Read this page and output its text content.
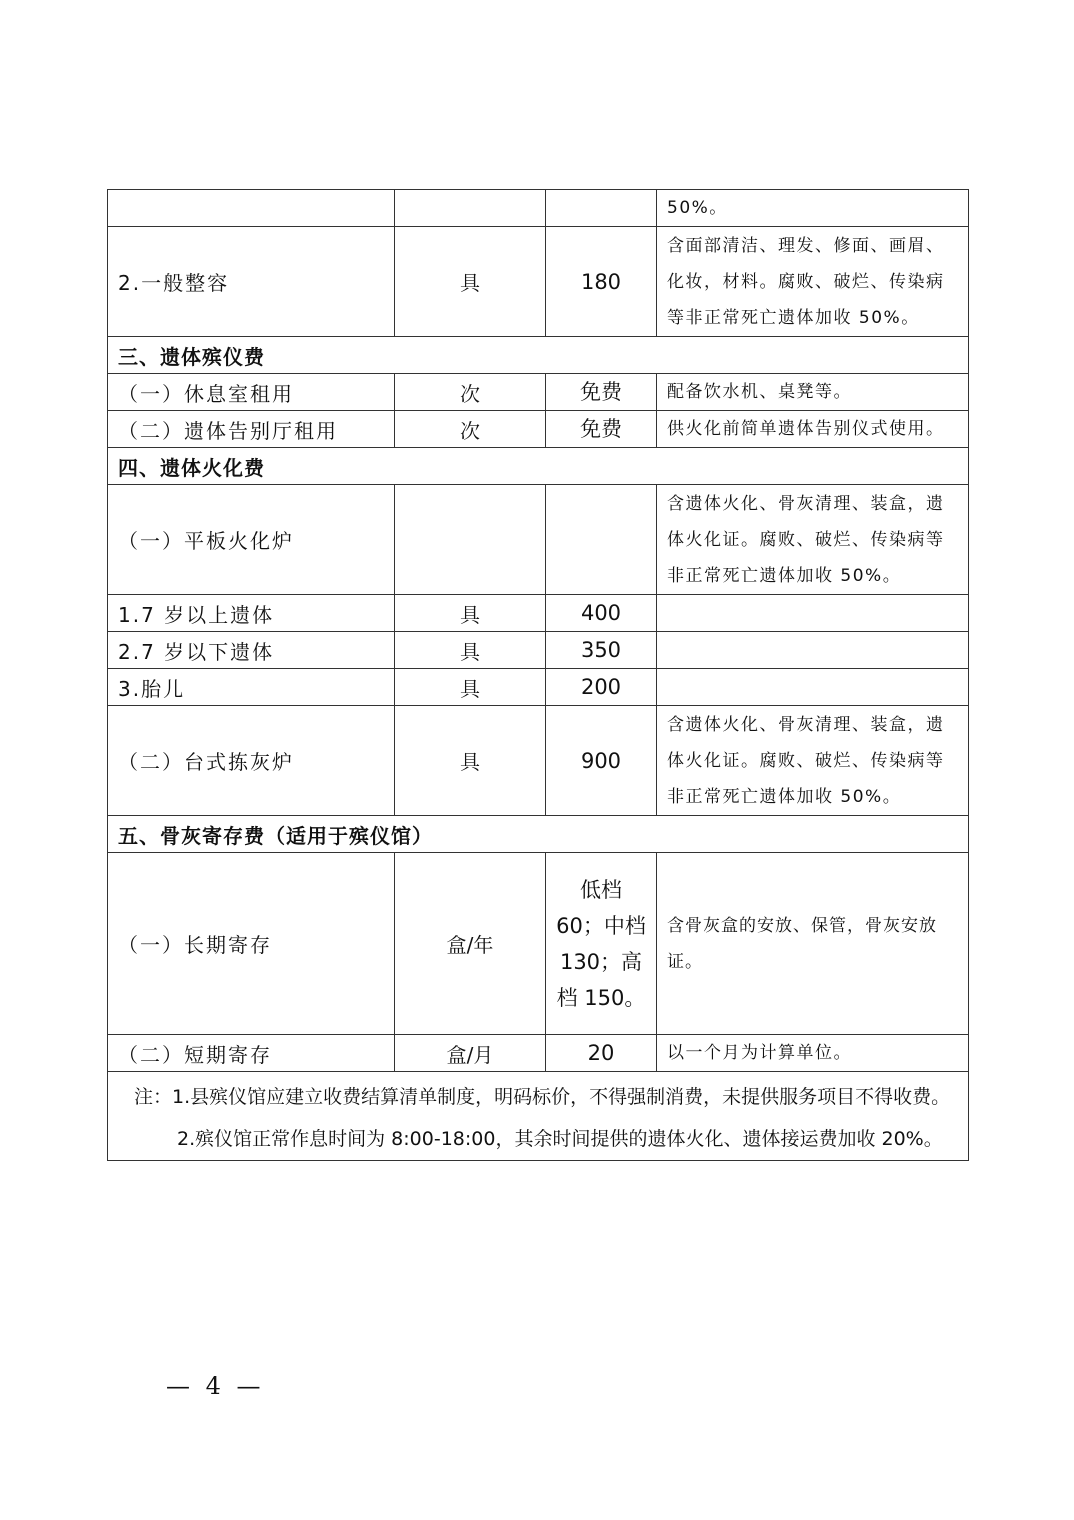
			50%。
2.一般整容	具	180	含面部清洁、理发、修面、画眉、化妆，材料。腐败、破烂、传染病等非正常死亡遗体加收 50%。
三、遗体殡仪费			
（一）休息室租用	次	免费	配备饮水机、桌凳等。
（二）遗体告别厅租用	次	免费	供火化前简单遗体告别仪式使用。
四、遗体火化费			
（一）平板火化炉			含遗体火化、骨灰清理、装盒，遗体火化证。腐败、破烂、传染病等非正常死亡遗体加收 50%。
1.7 岁以上遗体	具	400	
2.7 岁以下遗体	具	350	
3.胎儿	具	200	
（二）台式拣灰炉	具	900	含遗体火化、骨灰清理、装盒，遗体火化证。腐败、破烂、传染病等非正常死亡遗体加收 50%。
五、骨灰寄存费（适用于殡仪馆）			
（一）长期寄存	盒/年	低档 60；中档 130；高档 150。	含骨灰盒的安放、保管，骨灰安放证。
（二）短期寄存	盒/月	20	以一个月为计算单位。

注：1.县殡仪馆应建立收费结算清单制度，明码标价，不得强制消费，未提供服务项目不得收费。
2.殡仪馆正常作息时间为 8:00-18:00，其余时间提供的遗体火化、遗体接运费加收 20%。			
— 4 —
